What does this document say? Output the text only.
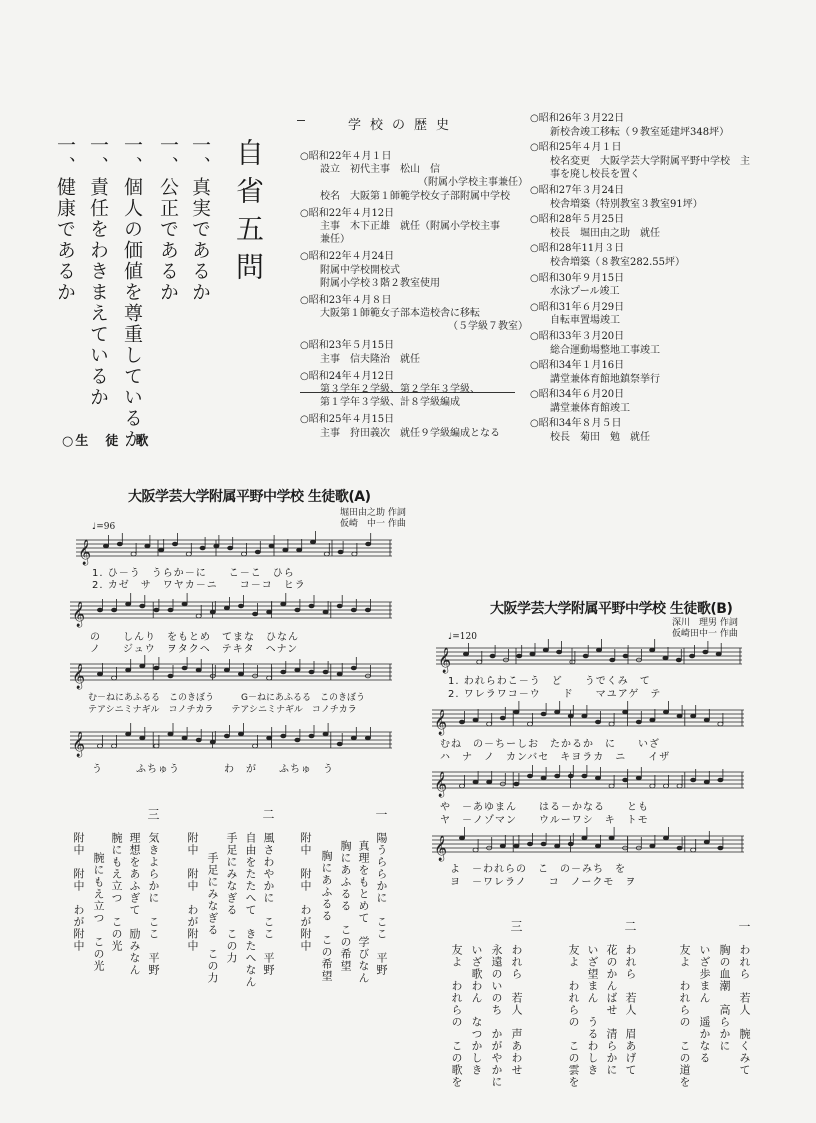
自省五問
一、真実であるか
一、公正であるか
一、個人の価値を尊重しているか
一、責任をわきまえているか
一、健康であるか
学校の歴史
○昭和22年４月１日
設立　初代主事　松山　信
（附属小学校主事兼任）
校名　大阪第１師範学校女子部附属中学校
○昭和22年４月12日
主事　木下正雄　就任（附属小学校主事
兼任）
○昭和22年４月24日
附属中学校開校式
附属小学校３階２教室使用
○昭和23年４月８日
大阪第１師範女子部本造校舎に移転
（５学級７教室）
○昭和23年５月15日
主事　信夫隆治　就任
○昭和24年４月12日
第３学年２学級、第２学年３学級、
第１学年３学級、計８学級編成
○昭和25年４月15日
主事　狩田義次　就任９学級編成となる
○昭和26年３月22日
新校舎竣工移転（９教室延建坪348坪）
○昭和25年４月１日
校名変更　大阪学芸大学附属平野中学校　主事を廃し校長を置く
○昭和27年３月24日
校舎増築（特別教室３教室91坪）
○昭和28年５月25日
校長　堀田由之助　就任
○昭和28年11月３日
校舎増築（８教室282.55坪）
○昭和30年９月15日
水泳プール竣工
○昭和31年６月29日
自転車置場竣工
○昭和33年３月20日
総合運動場整地工事竣工
○昭和34年１月16日
講堂兼体育館地鎮祭挙行
○昭和34年６月20日
講堂兼体育館竣工
○昭和34年８月５日
校長　菊田　勉　就任
○生　徒　歌
大阪学芸大学附属平野中学校 生徒歌(A)
堀田由之助 作詞
仮崎　中一 作曲
♩=96
𝄞
𝄞
𝄞
𝄞
1. ひ－う　うらか－に　　こ－こ　ひら
2. カゼ　サ　ワヤカ－ニ　　コ－コ　ヒラ
の　　しんり　をもとめ　てまな　ひなん
ノ　　ジュウ　ヲタクヘ　テキタ　ヘナン
む－ねにあふるる　このきぼう　　　G－ねにあふるる　このきぼう
テアシニミナギル　コノチカラ　　テアシニミナギル　コノチカラ
う　　　ふちゅう　　　　わ　が　　ふちゅ　う
一
陽うららかに　ここ　平野
真理をもとめて　学びなん
胸にあふるる　この希望
胸にあふるる　この希望
附中　附中　わが附中
二
風さわやかに　ここ　平野
自由をたたへて　きたへなん
手足にみなぎる　この力
手足にみなぎる　この力
附中　附中　わが附中
三
気きよらかに　ここ　平野
理想をあふぎて　励みなん
腕にもえ立つ　この光
腕にもえ立つ　この光
附中　附中　わが附中
大阪学芸大学附属平野中学校 生徒歌(B)
深川　理男 作詞
仮崎田中一 作曲
♩=120
𝄞
𝄞
𝄞
𝄞
1. われらわこ－う　ど　　うでくみ　て
2. ワレラワコ－ウ　　ド　　マユアゲ　テ
むね　の－ちーしお　たかるか　に　　いざ
ハ　ナ　ノ　カンバセ　キヨラカ　ニ　　イザ
や　－あゆまん　　はる－かなる　　とも
ヤ　－ノゾマン　　ウルーワシ　キ　トモ
よ　－われらの　こ　の－みち　を
ヨ　－ワレラノ　　コ　ノークモ　ヲ
一
われら　若人　腕くみて
胸の血潮　高らかに
いざ歩まん　遥かなる
友よ　われらの　この道を
二
われら　若人　眉あげて
花のかんばせ　清らかに
いざ望まん　うるわしき
友よ　われらの　この雲を
三
われら　若人　声あわせ
永遠のいのち　かがやかに
いざ歌わん　なつかしき
友よ　われらの　この歌を
